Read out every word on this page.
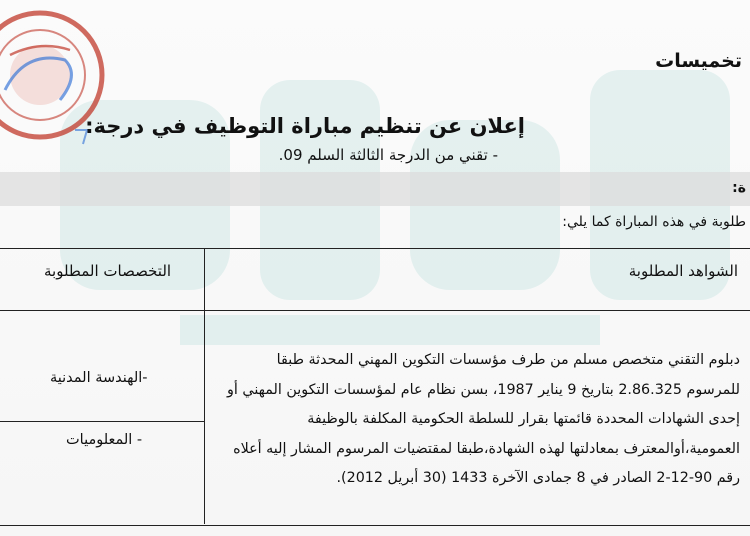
تخميسات
إعلان عن تنظيم مباراة التوظيف في درجة:
- تقني من الدرجة الثالثة السلم 09.
ة:
طلوبة في هذه المباراة كما يلي:
الشواهد المطلوبة
التخصصات المطلوبة
دبلوم التقني متخصص مسلم من طرف مؤسسات التكوين المهني المحدثة طبقا
للمرسوم 2.86.325 بتاريخ 9 يناير 1987، بسن نظام عام لمؤسسات التكوين المهني أو
إحدى الشهادات المحددة قائمتها بقرار للسلطة الحكومية المكلفة بالوظيفة
العمومية،أوالمعترف بمعادلتها لهذه الشهادة،طبقا لمقتضيات المرسوم المشار إليه أعلاه
رقم 90-12-2 الصادر في 8 جمادى الآخرة 1433 (30 أبريل 2012).
-الهندسة المدنية
- المعلوميات
